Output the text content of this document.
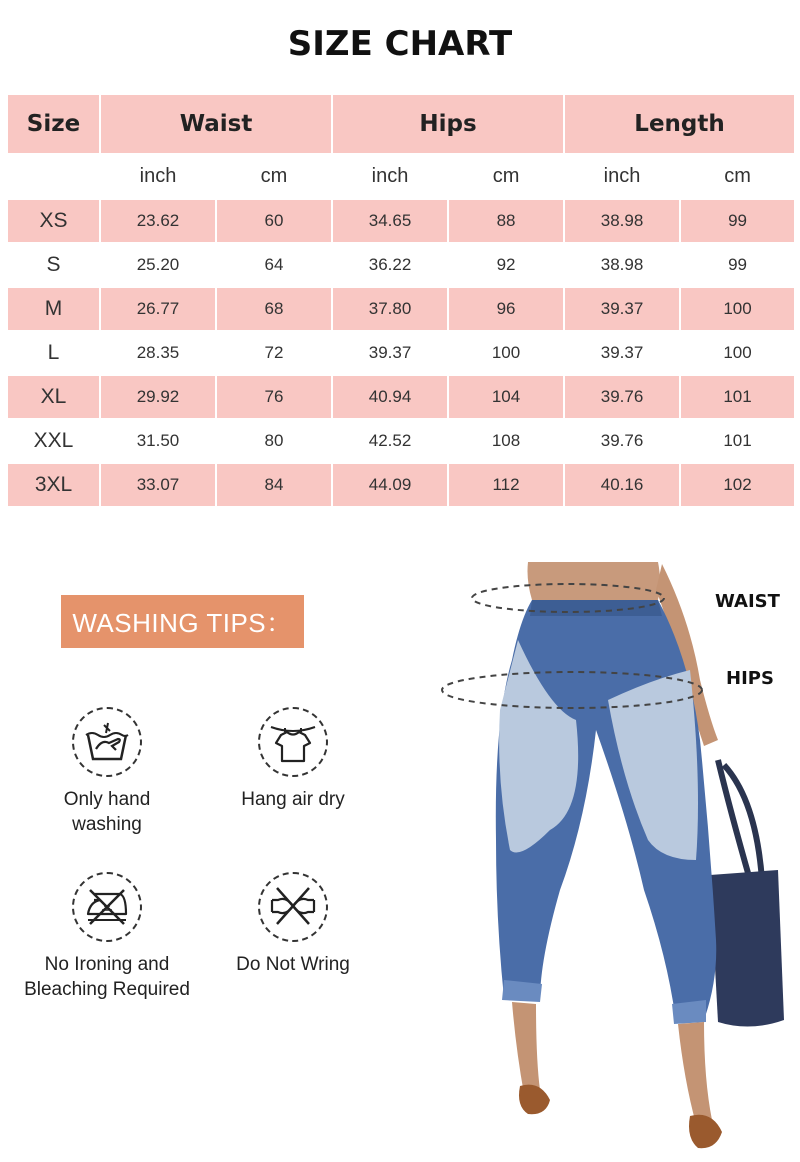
SIZE CHART
Size	Waist		Hips		Length	
	inch	cm	inch	cm	inch	cm
XS	23.62	60	34.65	88	38.98	99
S	25.20	64	36.22	92	38.98	99
M	26.77	68	37.80	96	39.37	100
L	28.35	72	39.37	100	39.37	100
XL	29.92	76	40.94	104	39.76	101
XXL	31.50	80	42.52	108	39.76	101
3XL	33.07	84	44.09	112	40.16	102
WASHING TIPS：
Only hand
washing
Hang air dry
No Ironing and
Bleaching Required
Do Not Wring
WAIST
HIPS
